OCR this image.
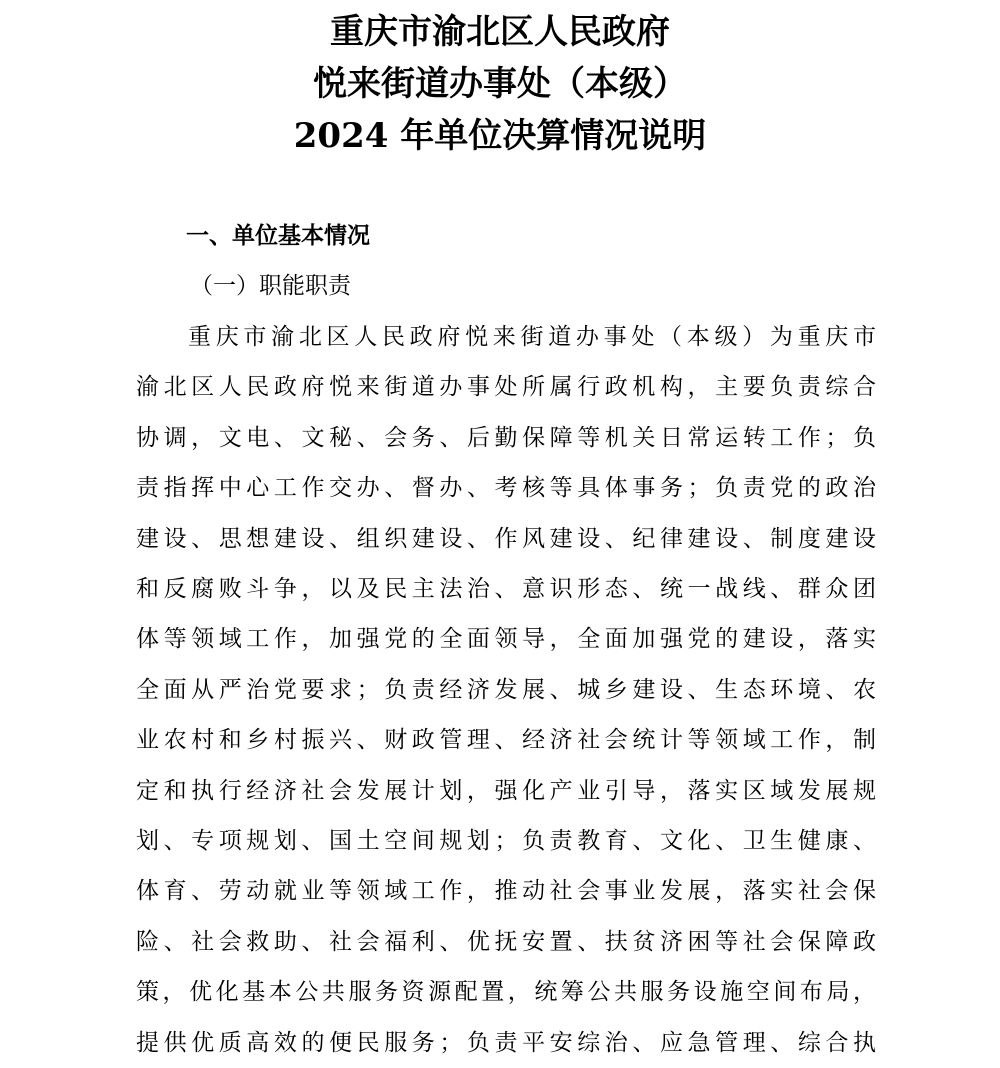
重庆市渝北区人民政府
悦来街道办事处（本级）
2024 年单位决算情况说明
一、单位基本情况
（一）职能职责
重庆市渝北区人民政府悦来街道办事处（本级）为重庆市
渝北区人民政府悦来街道办事处所属行政机构，主要负责综合
协调，文电、文秘、会务、后勤保障等机关日常运转工作；负
责指挥中心工作交办、督办、考核等具体事务；负责党的政治
建设、思想建设、组织建设、作风建设、纪律建设、制度建设
和反腐败斗争，以及民主法治、意识形态、统一战线、群众团
体等领域工作，加强党的全面领导，全面加强党的建设，落实
全面从严治党要求；负责经济发展、城乡建设、生态环境、农
业农村和乡村振兴、财政管理、经济社会统计等领域工作，制
定和执行经济社会发展计划，强化产业引导，落实区域发展规
划、专项规划、国土空间规划；负责教育、文化、卫生健康、
体育、劳动就业等领域工作，推动社会事业发展，落实社会保
险、社会救助、社会福利、优抚安置、扶贫济困等社会保障政
策，优化基本公共服务资源配置，统筹公共服务设施空间布局，
提供优质高效的便民服务；负责平安综治、应急管理、综合执
